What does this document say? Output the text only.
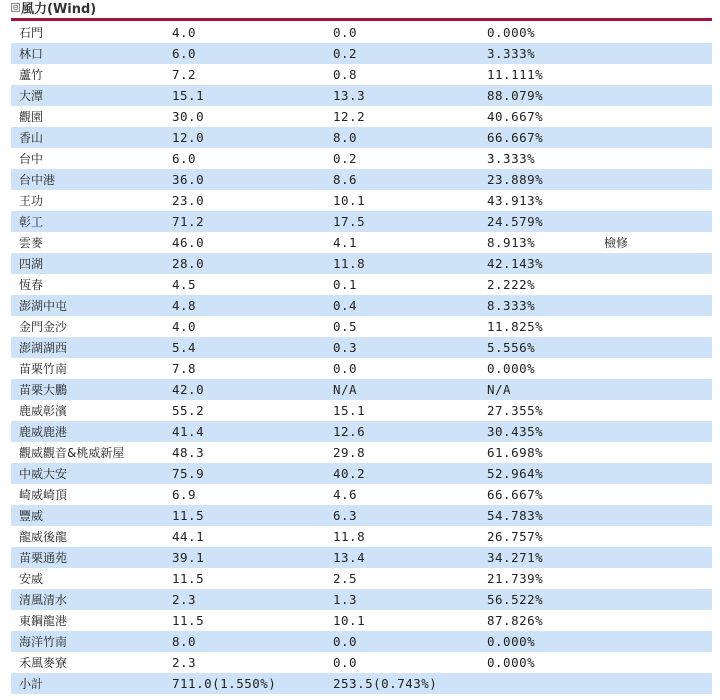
⊟ 風力(Wind)
石門	4.0	0.0	0.000%	
林口	6.0	0.2	3.333%	
蘆竹	7.2	0.8	11.111%	
大潭	15.1	13.3	88.079%	
觀園	30.0	12.2	40.667%	
香山	12.0	8.0	66.667%	
台中	6.0	0.2	3.333%	
台中港	36.0	8.6	23.889%	
王功	23.0	10.1	43.913%	
彰工	71.2	17.5	24.579%	
雲麥	46.0	4.1	8.913%	檢修
四湖	28.0	11.8	42.143%	
恆春	4.5	0.1	2.222%	
澎湖中屯	4.8	0.4	8.333%	
金門金沙	4.0	0.5	11.825%	
澎湖湖西	5.4	0.3	5.556%	
苗栗竹南	7.8	0.0	0.000%	
苗栗大鵬	42.0	N/A	N/A	
鹿威彰濱	55.2	15.1	27.355%	
鹿威鹿港	41.4	12.6	30.435%	
觀威觀音&桃威新屋	48.3	29.8	61.698%	
中威大安	75.9	40.2	52.964%	
崎威崎頂	6.9	4.6	66.667%	
豐威	11.5	6.3	54.783%	
龍威後龍	44.1	11.8	26.757%	
苗栗通苑	39.1	13.4	34.271%	
安威	11.5	2.5	21.739%	
清風清水	2.3	1.3	56.522%	
東鋼龍港	11.5	10.1	87.826%	
海洋竹南	8.0	0.0	0.000%	
禾風麥寮	2.3	0.0	0.000%	
小計	711.0(1.550%)	253.5(0.743%)		
